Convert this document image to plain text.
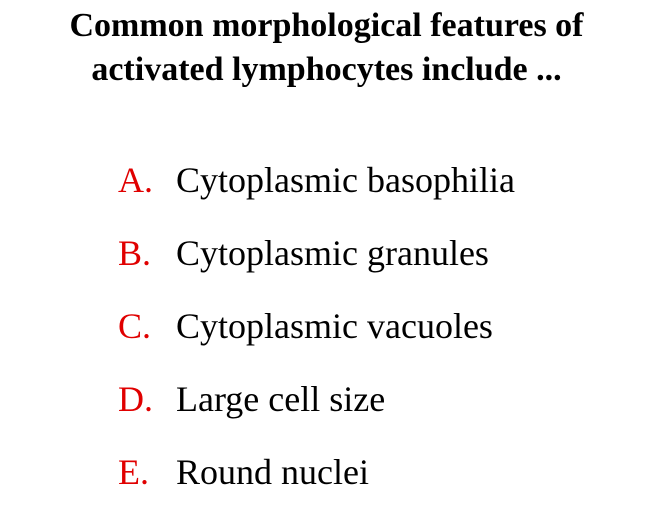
Common morphological features of
activated lymphocytes include ...
A. Cytoplasmic basophilia
B. Cytoplasmic granules
C. Cytoplasmic vacuoles
D. Large cell size
E. Round nuclei
